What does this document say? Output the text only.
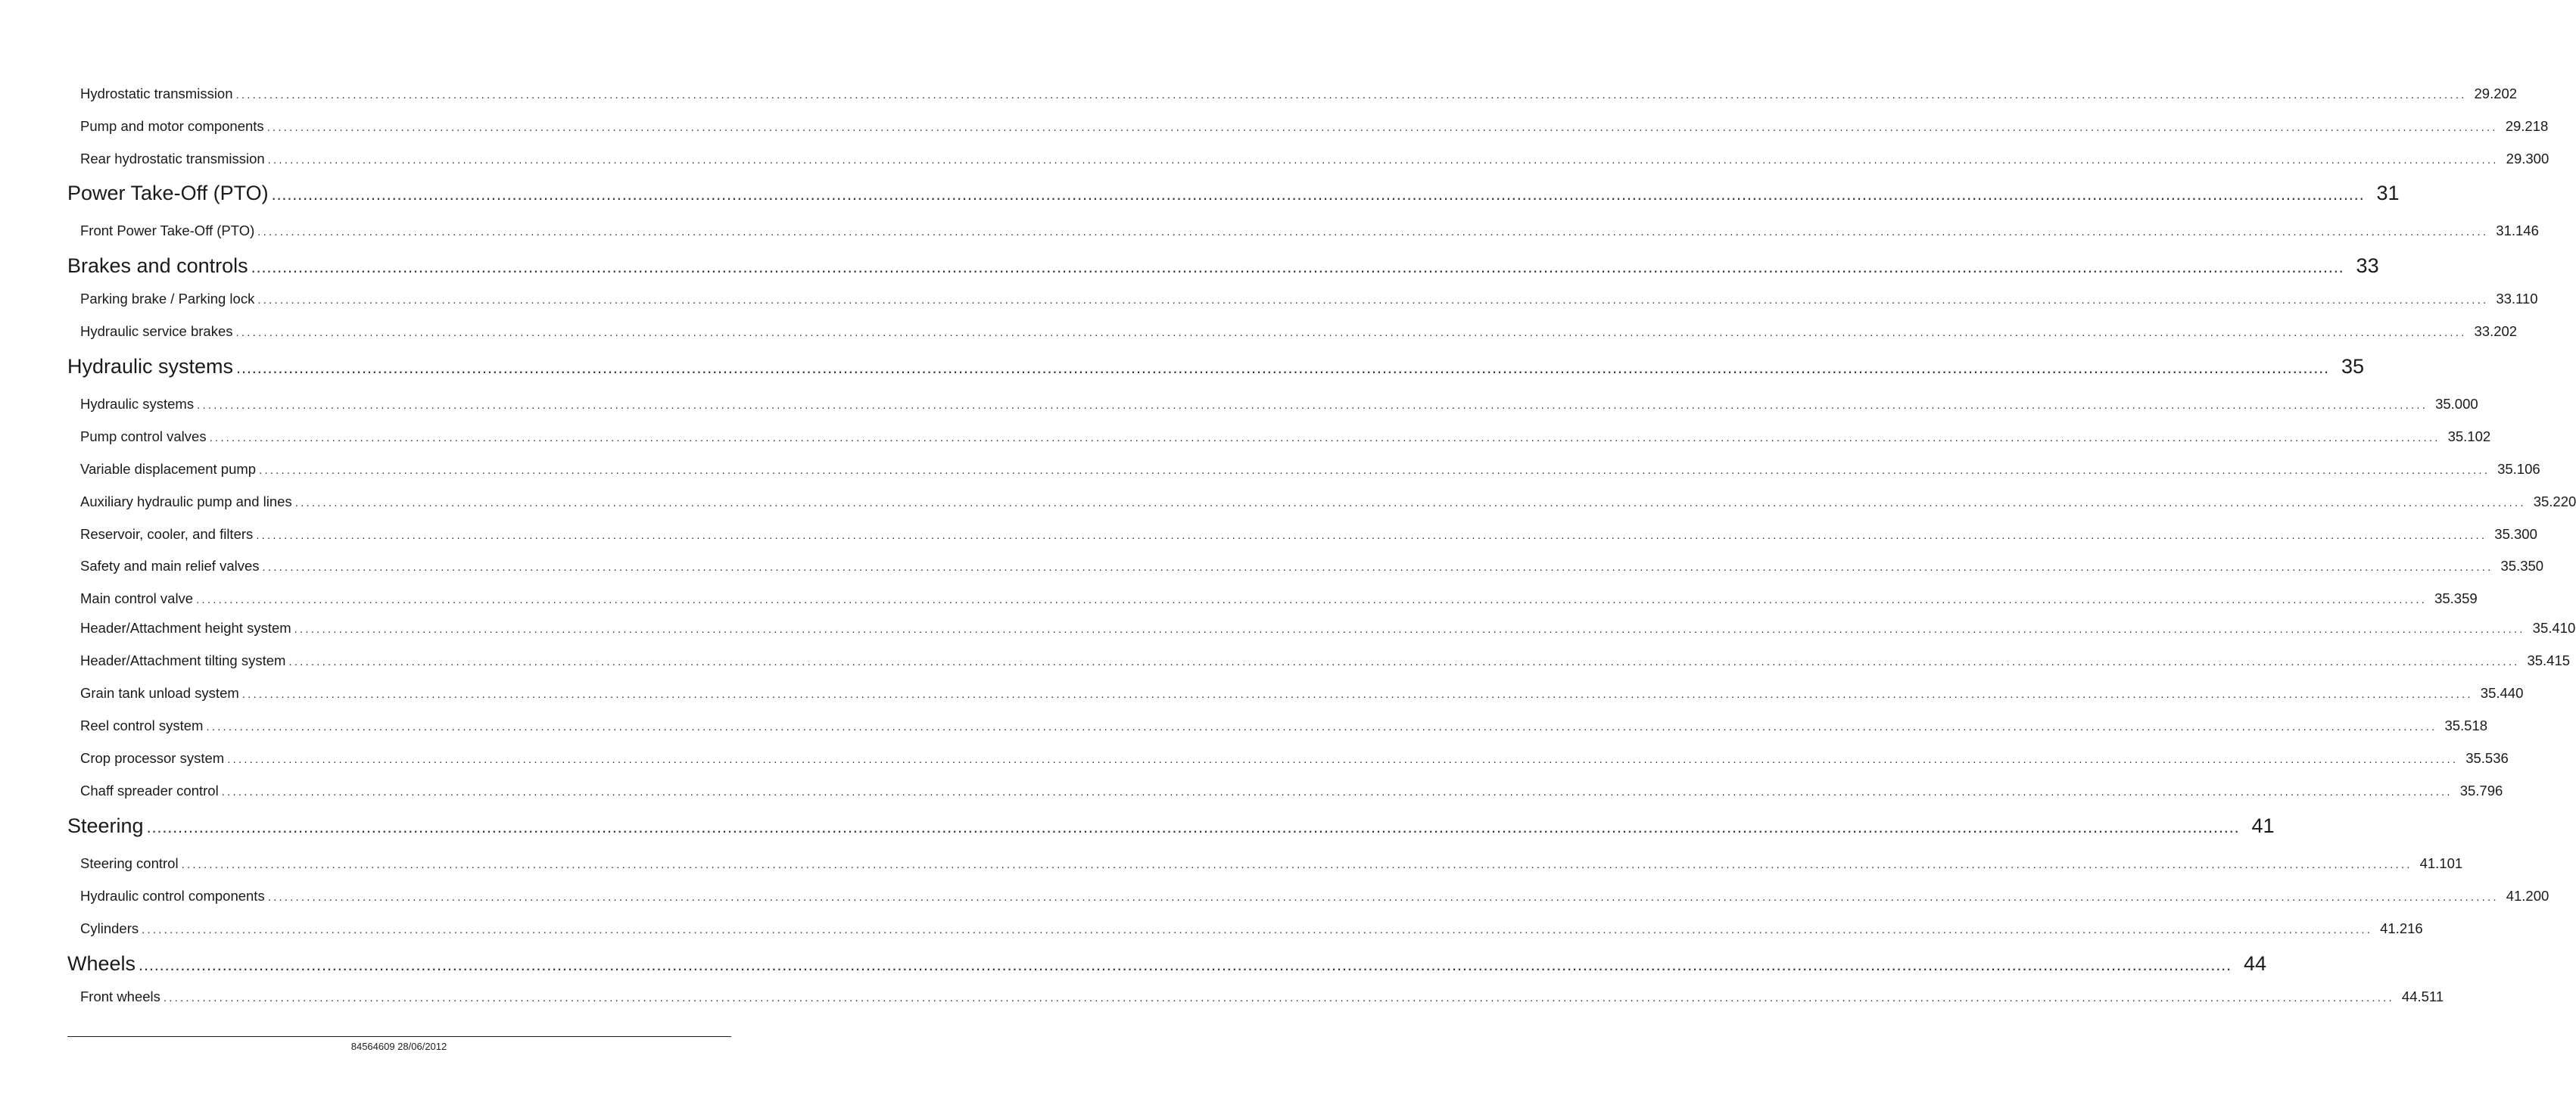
Hydrostatic transmission ................................................................................................................................................................................................................................................................................................................................................................................................................ 29.202
Pump and motor components ................................................................................................................................................................................................................................................................................................................................................................................................................ 29.218
Rear hydrostatic transmission ................................................................................................................................................................................................................................................................................................................................................................................................................ 29.300
Power Take-Off (PTO) ................................................................................................................................................................................................................................................................................................................................................................................................................ 31
Front Power Take-Off (PTO) ................................................................................................................................................................................................................................................................................................................................................................................................................ 31.146
Brakes and controls ................................................................................................................................................................................................................................................................................................................................................................................................................ 33
Parking brake / Parking lock ................................................................................................................................................................................................................................................................................................................................................................................................................ 33.110
Hydraulic service brakes ................................................................................................................................................................................................................................................................................................................................................................................................................ 33.202
Hydraulic systems ................................................................................................................................................................................................................................................................................................................................................................................................................ 35
Hydraulic systems ................................................................................................................................................................................................................................................................................................................................................................................................................ 35.000
Pump control valves ................................................................................................................................................................................................................................................................................................................................................................................................................ 35.102
Variable displacement pump ................................................................................................................................................................................................................................................................................................................................................................................................................ 35.106
Auxiliary hydraulic pump and lines ................................................................................................................................................................................................................................................................................................................................................................................................................ 35.220
Reservoir, cooler, and filters ................................................................................................................................................................................................................................................................................................................................................................................................................ 35.300
Safety and main relief valves ................................................................................................................................................................................................................................................................................................................................................................................................................ 35.350
Main control valve ................................................................................................................................................................................................................................................................................................................................................................................................................ 35.359
Header/Attachment height system ................................................................................................................................................................................................................................................................................................................................................................................................................ 35.410
Header/Attachment tilting system ................................................................................................................................................................................................................................................................................................................................................................................................................ 35.415
Grain tank unload system ................................................................................................................................................................................................................................................................................................................................................................................................................ 35.440
Reel control system ................................................................................................................................................................................................................................................................................................................................................................................................................ 35.518
Crop processor system ................................................................................................................................................................................................................................................................................................................................................................................................................ 35.536
Chaff spreader control ................................................................................................................................................................................................................................................................................................................................................................................................................ 35.796
Steering ................................................................................................................................................................................................................................................................................................................................................................................................................ 41
Steering control ................................................................................................................................................................................................................................................................................................................................................................................................................ 41.101
Hydraulic control components ................................................................................................................................................................................................................................................................................................................................................................................................................ 41.200
Cylinders ................................................................................................................................................................................................................................................................................................................................................................................................................ 41.216
Wheels ................................................................................................................................................................................................................................................................................................................................................................................................................ 44
Front wheels ................................................................................................................................................................................................................................................................................................................................................................................................................ 44.511
84564609 28/06/2012
